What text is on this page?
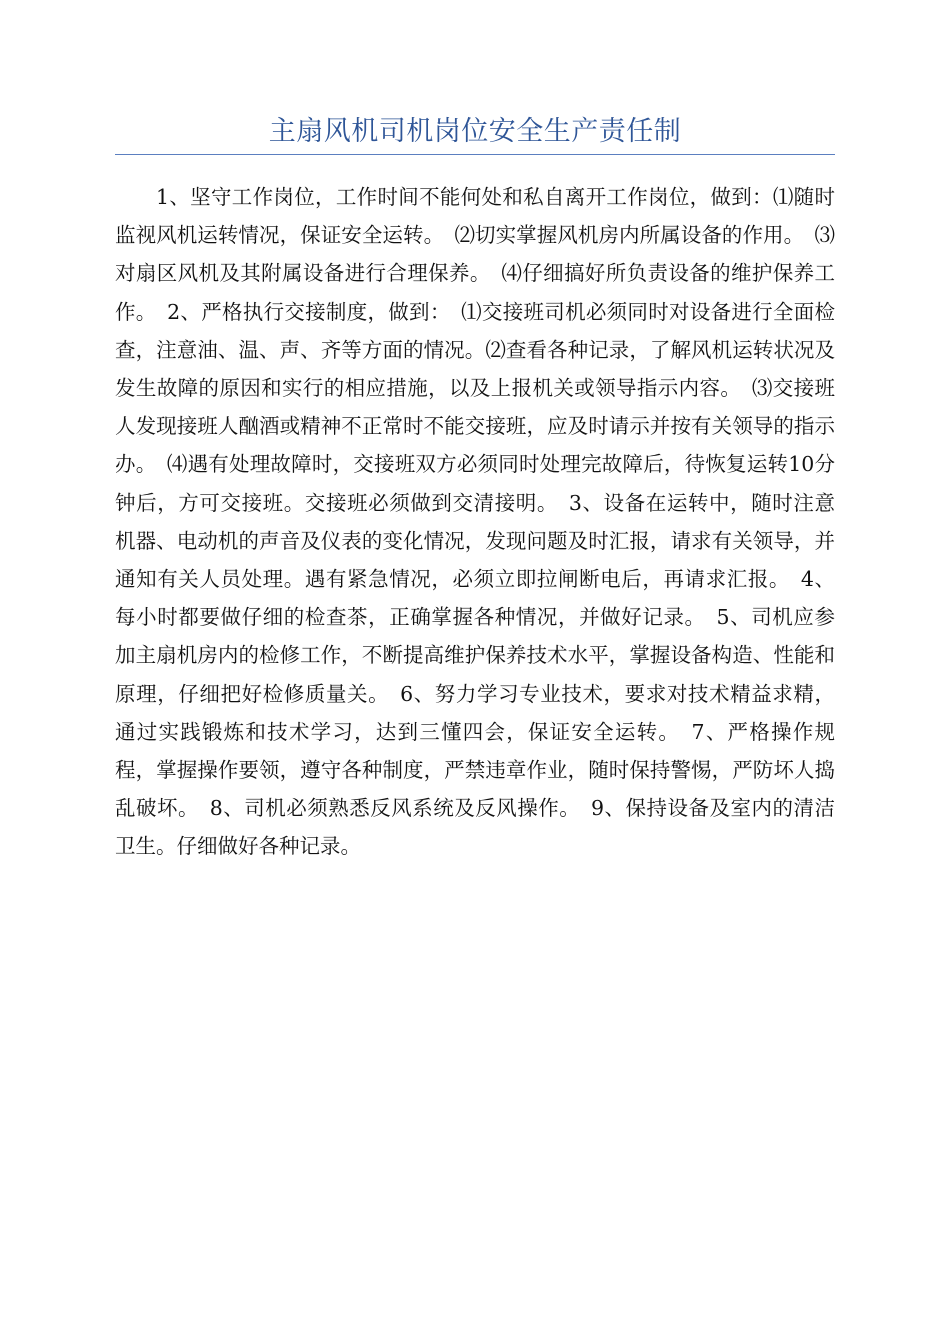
主扇风机司机岗位安全生产责任制

1、坚守工作岗位，工作时间不能何处和私自离开工作岗位，做到：⑴随时监视风机运转情况，保证安全运转。　⑵切实掌握风机房内所属设备的作用。　⑶对扇区风机及其附属设备进行合理保养。　⑷仔细搞好所负责设备的维护保养工作。　2、严格执行交接制度，做到：　⑴交接班司机必须同时对设备进行全面检查，注意油、温、声、齐等方面的情况。⑵查看各种记录，了解风机运转状况及发生故障的原因和实行的相应措施，以及上报机关或领导指示内容。　⑶交接班人发现接班人酗酒或精神不正常时不能交接班，应及时请示并按有关领导的指示办。　⑷遇有处理故障时，交接班双方必须同时处理完故障后，待恢复运转10分钟后，方可交接班。交接班必须做到交清接明。　3、设备在运转中，随时注意机器、电动机的声音及仪表的变化情况，发现问题及时汇报，请求有关领导，并通知有关人员处理。遇有紧急情况，必须立即拉闸断电后，再请求汇报。　4、每小时都要做仔细的检查茶，正确掌握各种情况，并做好记录。　5、司机应参加主扇机房内的检修工作，不断提高维护保养技术水平，掌握设备构造、性能和原理，仔细把好检修质量关。　6、努力学习专业技术，要求对技术精益求精，通过实践锻炼和技术学习，达到三懂四会，保证安全运转。　7、严格操作规程，掌握操作要领，遵守各种制度，严禁违章作业，随时保持警惕，严防坏人捣乱破坏。　8、司机必须熟悉反风系统及反风操作。　9、保持设备及室内的清洁卫生。仔细做好各种记录。
